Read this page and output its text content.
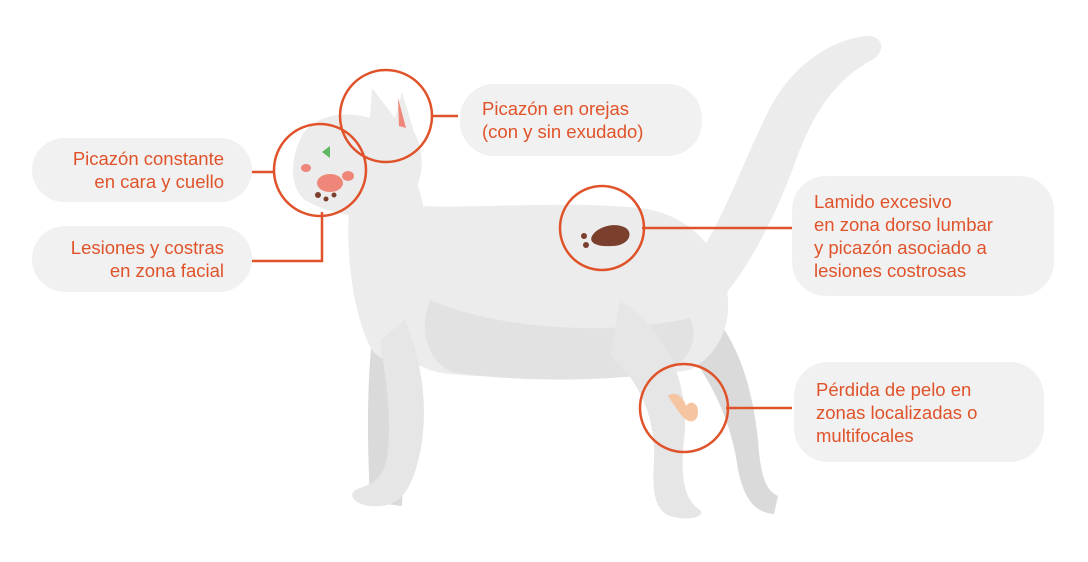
Picazón en orejas
(con y sin exudado)
Picazón constante
en cara y cuello
Lesiones y costras
en zona facial
Lamido excesivo
en zona dorso lumbar
y picazón asociado a
lesiones costrosas
Pérdida de pelo en
zonas localizadas o
multifocales
